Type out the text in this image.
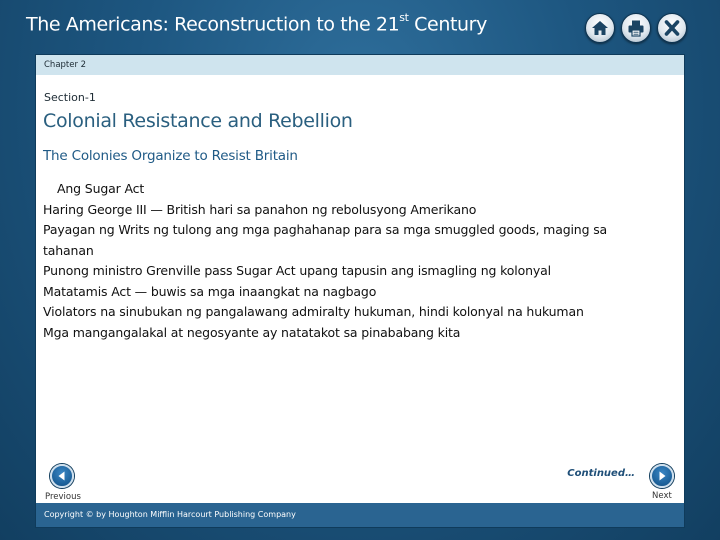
The Americans: Reconstruction to the 21st Century
Chapter 2
Section-1
Colonial Resistance and Rebellion
The Colonies Organize to Resist Britain
Ang Sugar Act
Haring George III — British hari sa panahon ng rebolusyong Amerikano
Payagan ng Writs ng tulong ang mga paghahanap para sa mga smuggled goods, maging sa
tahanan
Punong ministro Grenville pass Sugar Act upang tapusin ang ismagling ng kolonyal
Matatamis Act — buwis sa mga inaangkat na nagbago
Violators na sinubukan ng pangalawang admiralty hukuman, hindi kolonyal na hukuman
Mga mangangalakal at negosyante ay natatakot sa pinababang kita
Continued…
Previous	Next
Copyright © by Houghton Mifflin Harcourt Publishing Company
